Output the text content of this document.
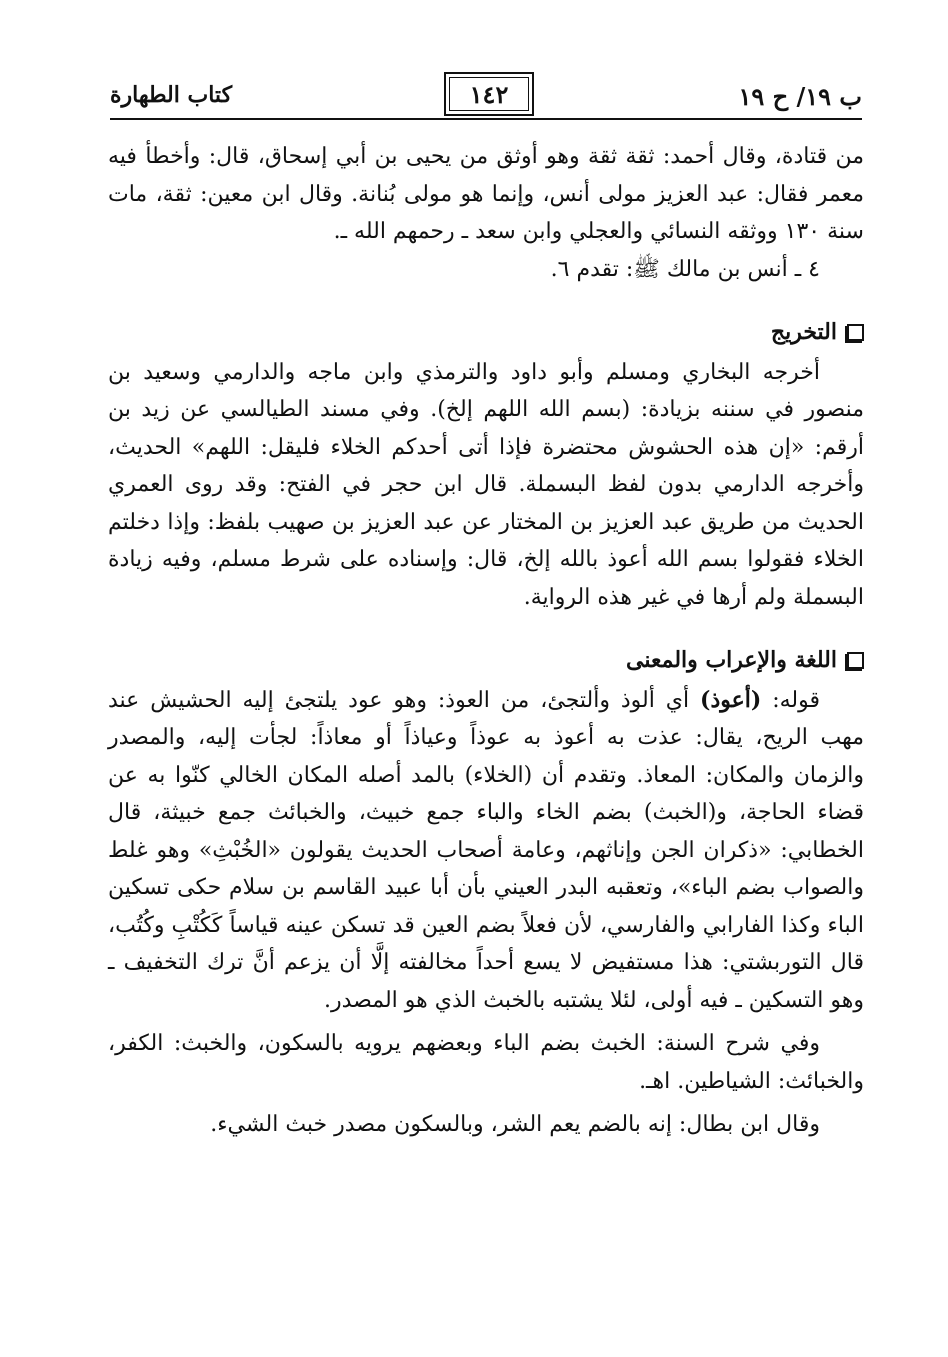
ب ١٩/ ح ١٩
١٤٢
كتاب الطهارة

من قتادة، وقال أحمد: ثقة ثقة وهو أوثق من يحيى بن أبي إسحاق، قال: وأخطأ فيه معمر فقال: عبد العزيز مولى أنس، وإنما هو مولى بُنانة. وقال ابن معين: ثقة، مات سنة ١٣٠ ووثقه النسائي والعجلي وابن سعد ـ رحمهم الله ـ.

٤ ـ أنس بن مالك ﷺ: تقدم ٦.

التخريج

أخرجه البخاري ومسلم وأبو داود والترمذي وابن ماجه والدارمي وسعيد بن منصور في سننه بزيادة: (بسم الله اللهم إلخ). وفي مسند الطيالسي عن زيد بن أرقم: «إن هذه الحشوش محتضرة فإذا أتى أحدكم الخلاء فليقل: اللهم» الحديث، وأخرجه الدارمي بدون لفظ البسملة. قال ابن حجر في الفتح: وقد روى العمري الحديث من طريق عبد العزيز بن المختار عن عبد العزيز بن صهيب بلفظ: وإذا دخلتم الخلاء فقولوا بسم الله أعوذ بالله إلخ، قال: وإسناده على شرط مسلم، وفيه زيادة البسملة ولم أرها في غير هذه الرواية.

اللغة والإعراب والمعنى

قوله: (أعوذ) أي ألوذ وألتجئ، من العوذ: وهو عود يلتجئ إليه الحشيش عند مهب الريح، يقال: عذت به أعوذ به عوذاً وعياذاً أو معاذاً: لجأت إليه، والمصدر والزمان والمكان: المعاذ. وتقدم أن (الخلاء) بالمد أصله المكان الخالي كنّوا به عن قضاء الحاجة، و(الخبث) بضم الخاء والباء جمع خبيث، والخبائث جمع خبيثة، قال الخطابي: «ذكران الجن وإناثهم، وعامة أصحاب الحديث يقولون «الخُبْثِ» وهو غلط والصواب بضم الباء»، وتعقبه البدر العيني بأن أبا عبيد القاسم بن سلام حكى تسكين الباء وكذا الفارابي والفارسي، لأن فعلاً بضم العين قد تسكن عينه قياساً كَكُتْبِ وكُتُب، قال التوربشتي: هذا مستفيض لا يسع أحداً مخالفته إلَّا أن يزعم أنَّ ترك التخفيف ـ وهو التسكين ـ فيه أولى، لئلا يشتبه بالخبث الذي هو المصدر.

وفي شرح السنة: الخبث بضم الباء وبعضهم يرويه بالسكون، والخبث: الكفر، والخبائث: الشياطين. اهـ.

وقال ابن بطال: إنه بالضم يعم الشر، وبالسكون مصدر خبث الشيء.
